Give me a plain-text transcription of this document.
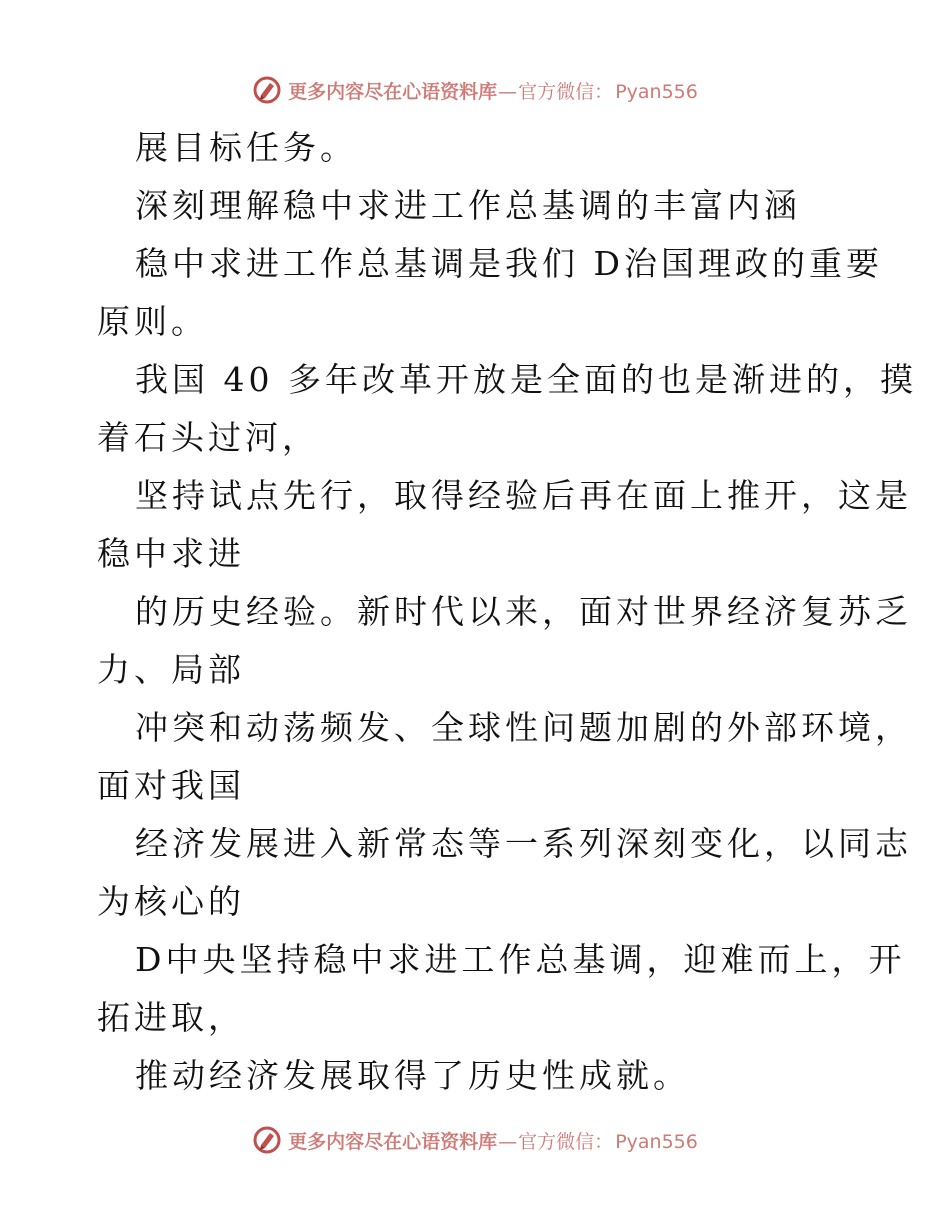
更多内容尽在心语资料库—官方微信： Pyan556
展目标任务。
深刻理解稳中求进工作总基调的丰富内涵
稳中求进工作总基调是我们 D治国理政的重要
原则。
我国 40 多年改革开放是全面的也是渐进的，摸
着石头过河，
坚持试点先行，取得经验后再在面上推开，这是
稳中求进
的历史经验。新时代以来，面对世界经济复苏乏
力、局部
冲突和动荡频发、全球性问题加剧的外部环境，
面对我国
经济发展进入新常态等一系列深刻变化，以同志
为核心的
D中央坚持稳中求进工作总基调，迎难而上，开
拓进取，
推动经济发展取得了历史性成就。
更多内容尽在心语资料库—官方微信： Pyan556
